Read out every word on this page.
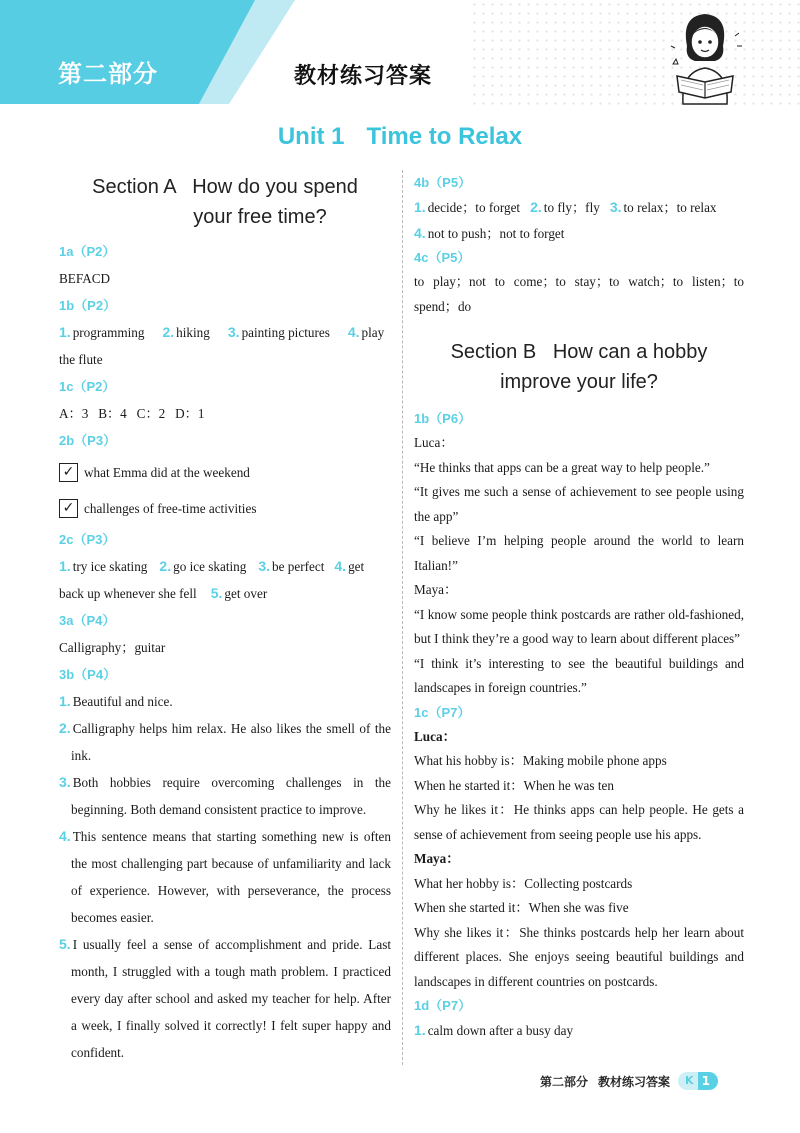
第二部分	教材练习答案
Unit 1 Time to Relax
Section A   How do you spend
your free time?
1a（P2）
BEFACD
1b（P2）
1. programming 2. hiking 3. painting pictures 4. play
the flute
1c（P2）
A：3   B：4   C：2   D：1
2b（P3）
✓ what Emma did at the weekend
✓ challenges of free-time activities
2c（P3）
1. try ice skating 2. go ice skating 3. be perfect 4. get
back up whenever she fell 5. get over
3a（P4）
Calligraphy；guitar
3b（P4）
1. Beautiful and nice.
2. Calligraphy helps him relax. He also likes the smell of the ink.
3. Both hobbies require overcoming challenges in the beginning. Both demand consistent practice to improve.
4. This sentence means that starting something new is often the most challenging part because of unfamiliarity and lack of experience. However, with perseverance, the process becomes easier.
5. I usually feel a sense of accomplishment and pride. Last month, I struggled with a tough math problem. I practiced every day after school and asked my teacher for help. After a week, I finally solved it correctly! I felt super happy and confident.
4b（P5）
1. decide；to forget 2. to fly；fly 3. to relax；to relax
4. not to push；not to forget
4c（P5）
to play；not to come；to stay；to watch；to listen；to spend；do
Section B   How can a hobby
improve your life?
1b（P6）
Luca：
“He thinks that apps can be a great way to help people.”
“It gives me such a sense of achievement to see people using the app”
“I believe I’m helping people around the world to learn Italian!”
Maya：
“I know some people think postcards are rather old-fashioned, but I think they’re a good way to learn about different places”
“I think it’s interesting to see the beautiful buildings and landscapes in foreign countries.”
1c（P7）
Luca：
What his hobby is：Making mobile phone apps
When he started it：When he was ten
Why he likes it：He thinks apps can help people. He gets a sense of achievement from seeing people use his apps.
Maya：
What her hobby is：Collecting postcards
When she started it：When she was five
Why she likes it：She thinks postcards help her learn about different places. She enjoys seeing beautiful buildings and landscapes in different countries on postcards.
1d（P7）
1. calm down after a busy day
第二部分 教材练习答案	K 1
